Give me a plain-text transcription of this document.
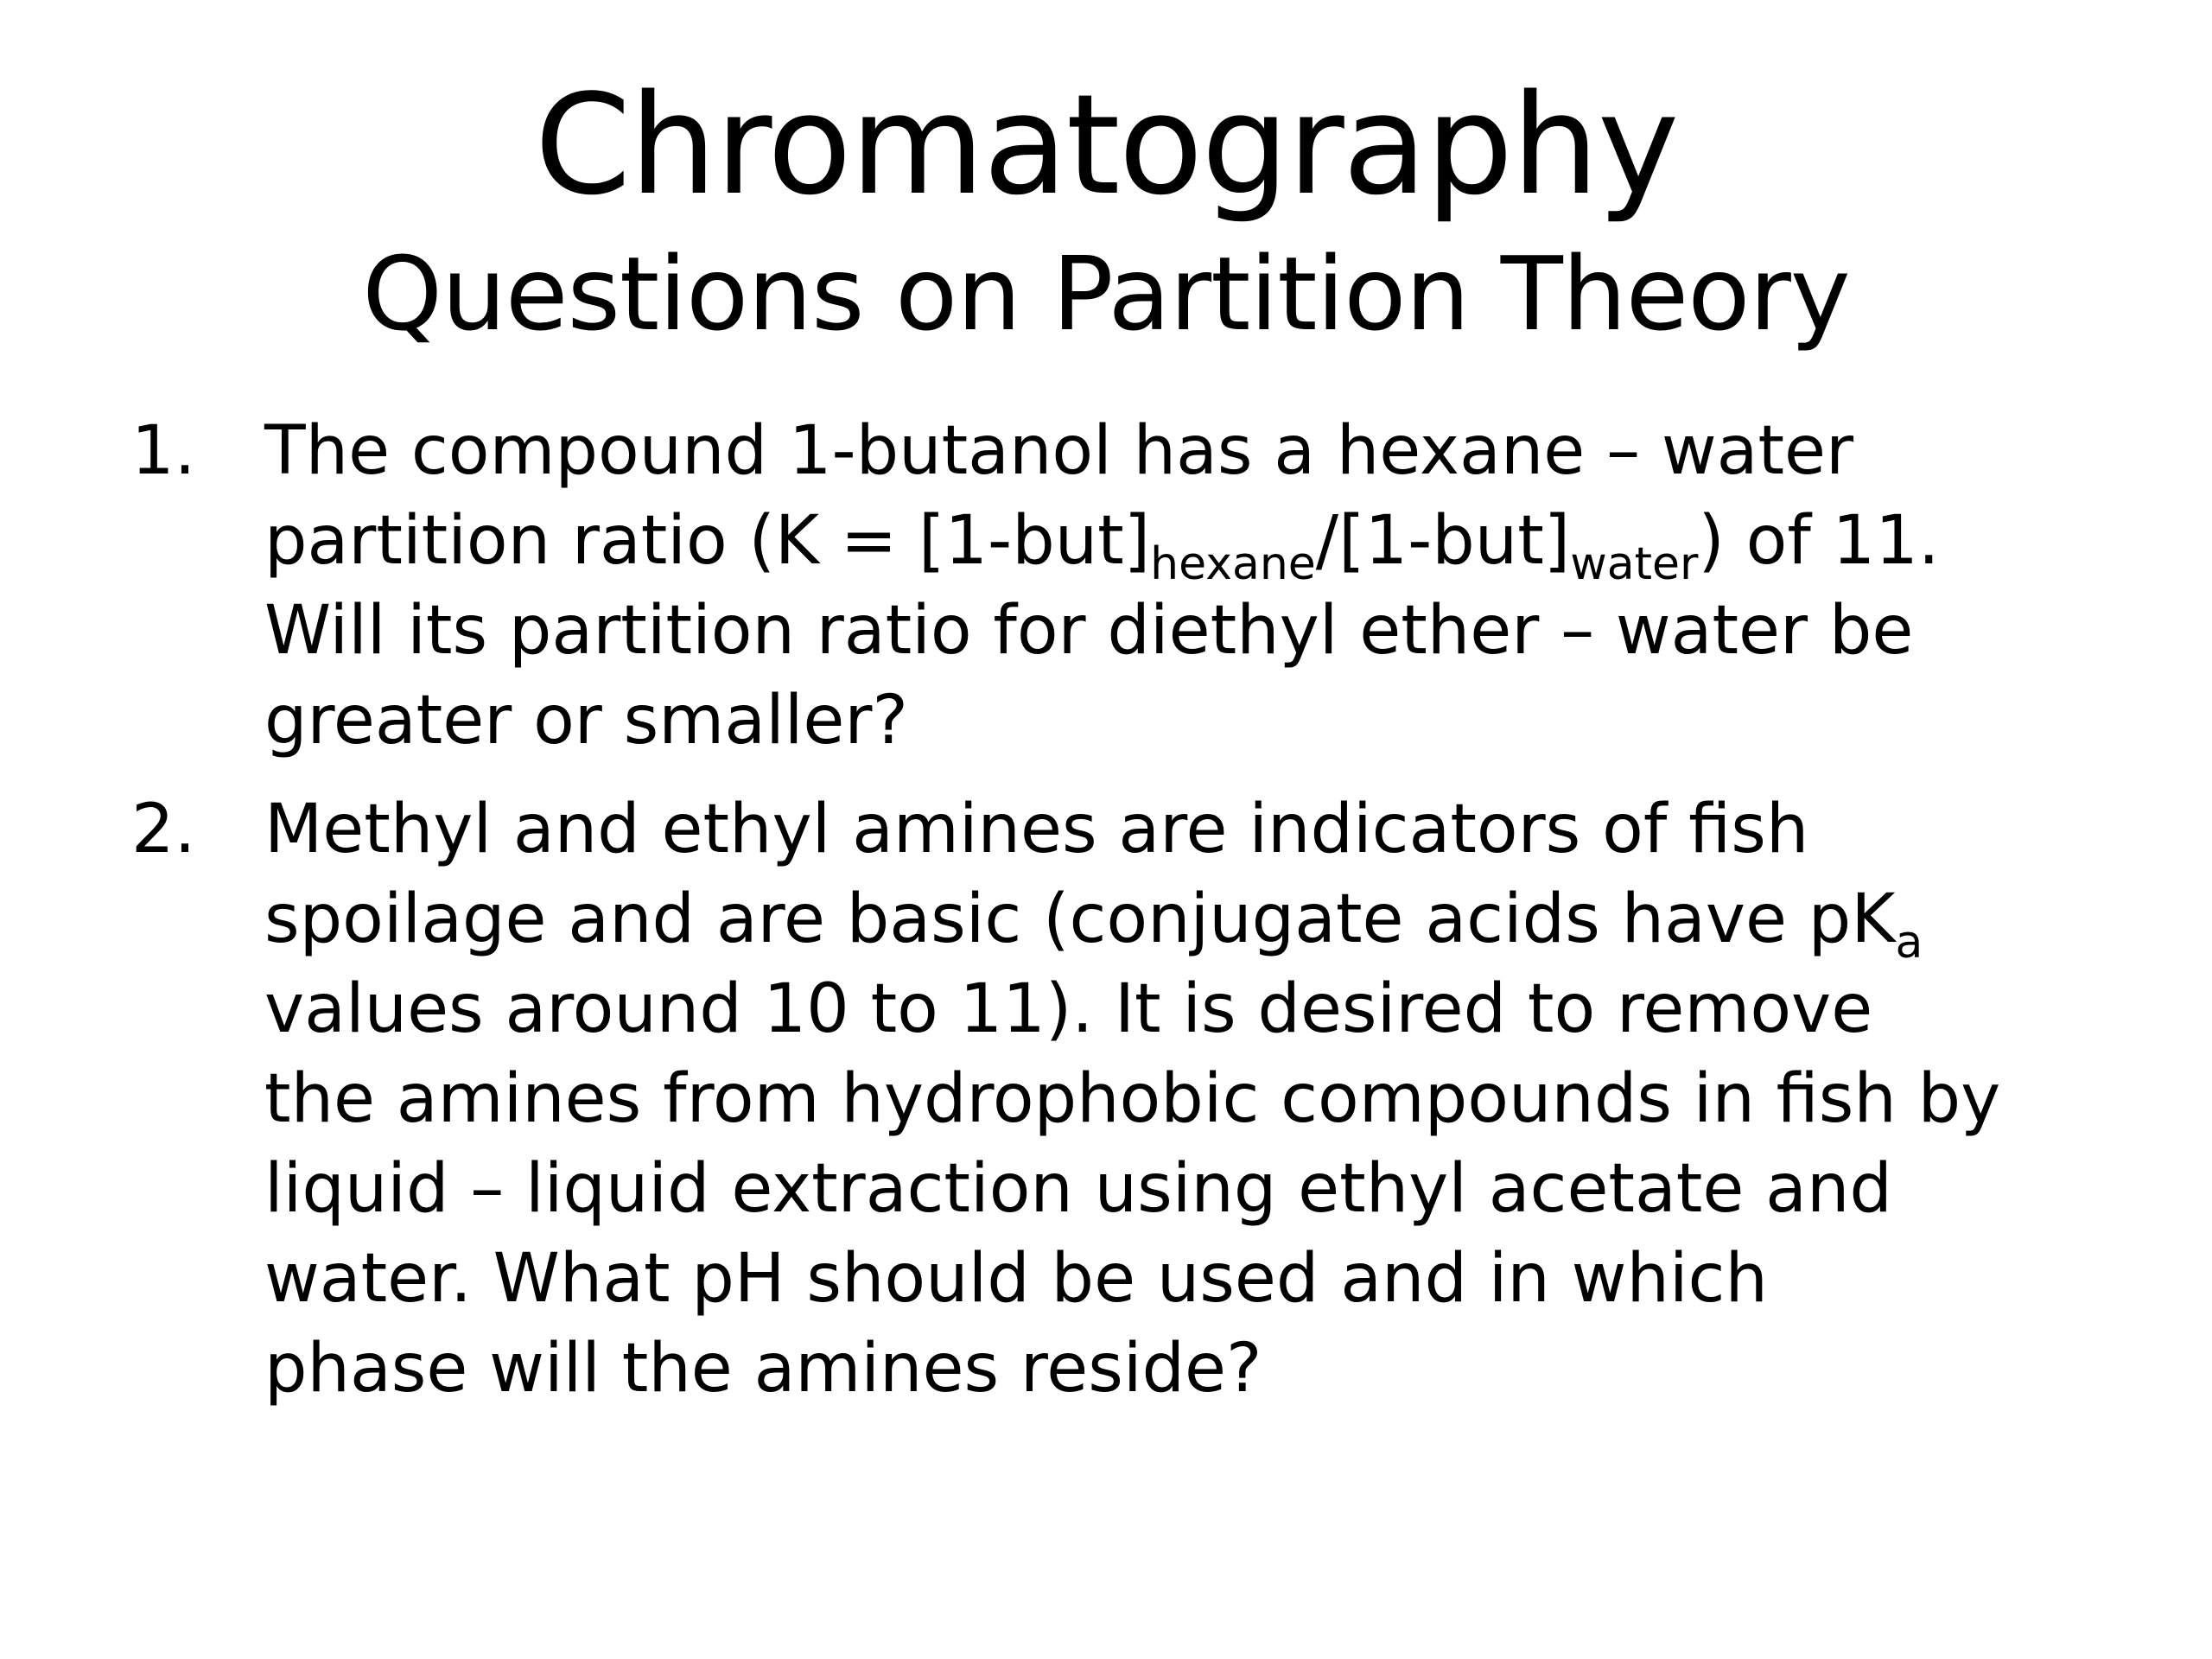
Chromatography
Questions on Partition Theory
1. The compound 1-butanol has a hexane – water
partition ratio $(K = [1-but]_{hexane}/[1-but]_{water})$ of 11.
Will its partition ratio for diethyl ether – water be
greater or smaller?
2. Methyl and ethyl amines are indicators of fish
spoilage and are basic (conjugate acids have $pK_a$
values around 10 to 11). It is desired to remove
the amines from hydrophobic compounds in fish by
liquid – liquid extraction using ethyl acetate and
water. What pH should be used and in which
phase will the amines reside?
